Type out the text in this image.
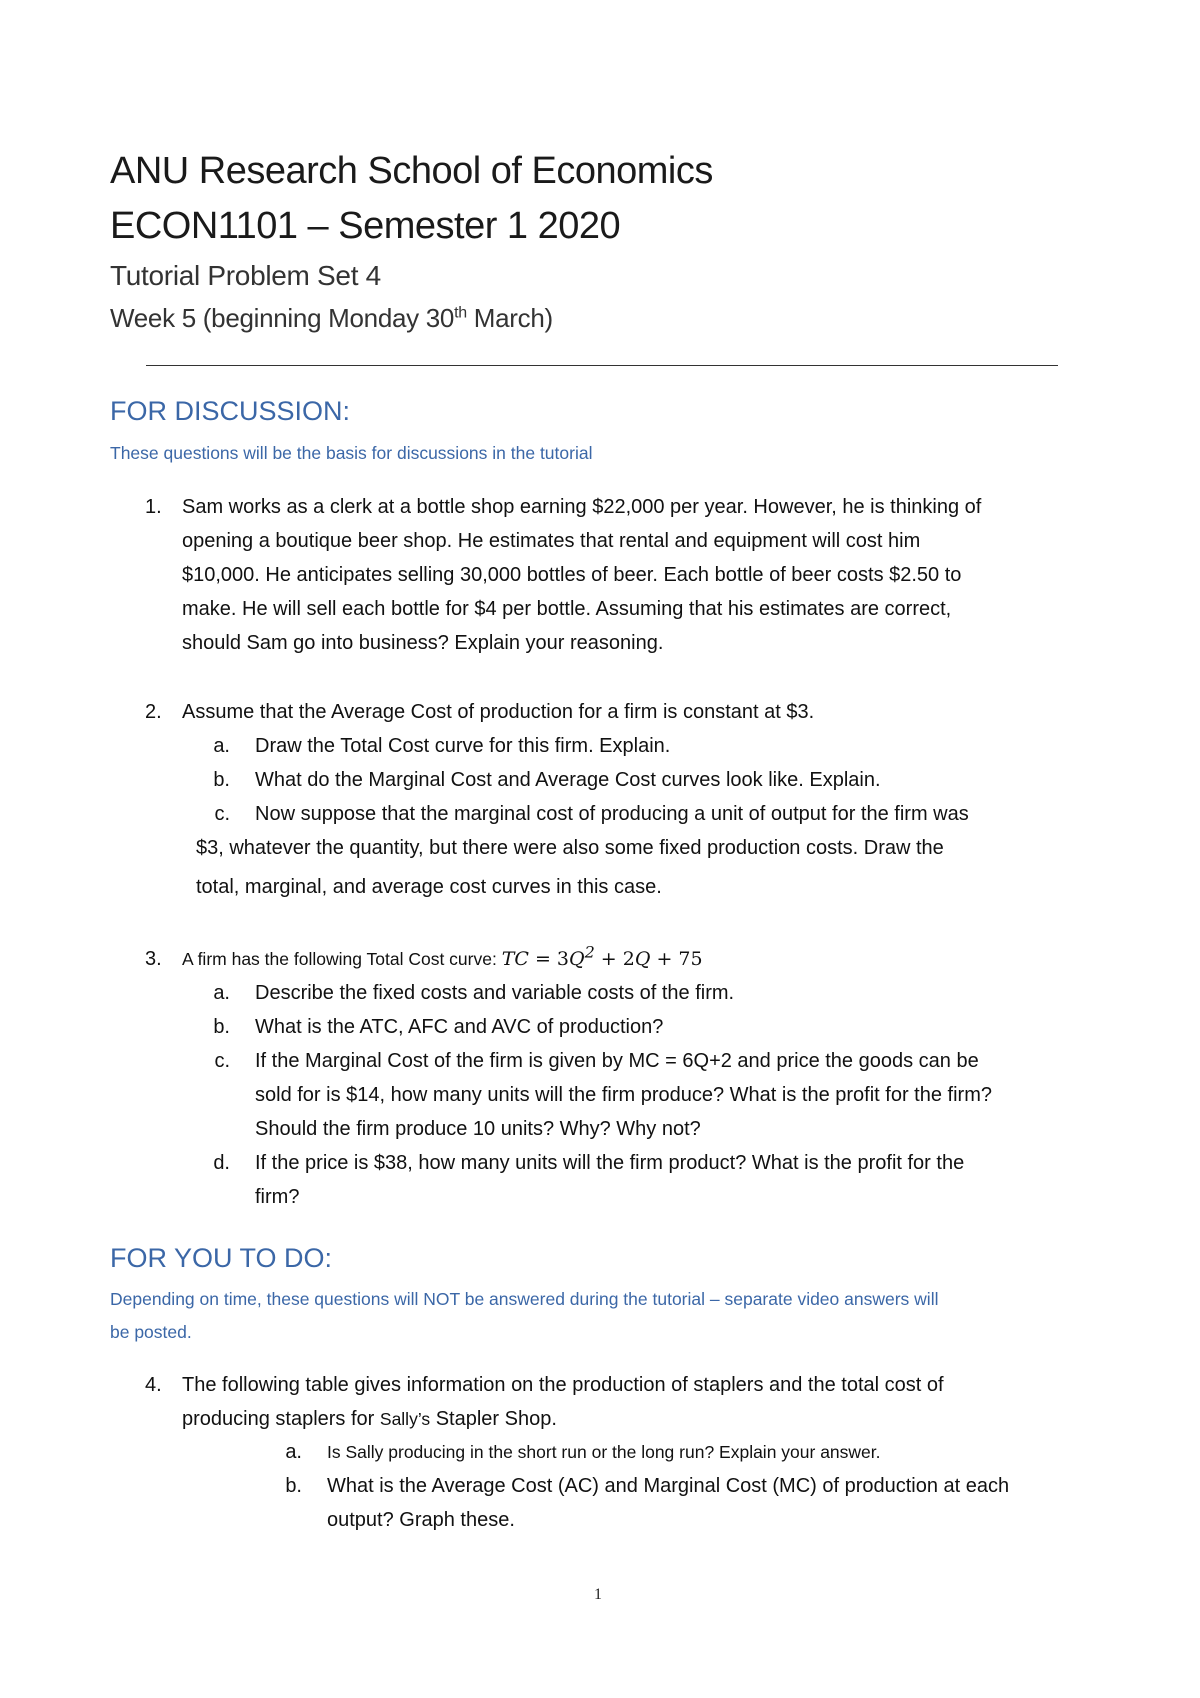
ANU Research School of Economics
ECON1101 – Semester 1 2020
Tutorial Problem Set 4
Week 5 (beginning Monday 30th March)
FOR DISCUSSION:
These questions will be the basis for discussions in the tutorial
1.	Sam works as a clerk at a bottle shop earning $22,000 per year. However, he is thinking of
opening a boutique beer shop. He estimates that rental and equipment will cost him
$10,000. He anticipates selling 30,000 bottles of beer. Each bottle of beer costs $2.50 to
make. He will sell each bottle for $4 per bottle. Assuming that his estimates are correct,
should Sam go into business? Explain your reasoning.
2.	Assume that the Average Cost of production for a firm is constant at $3.
a. Draw the Total Cost curve for this firm. Explain.
b. What do the Marginal Cost and Average Cost curves look like. Explain.
c. Now suppose that the marginal cost of producing a unit of output for the firm was
$3, whatever the quantity, but there were also some fixed production costs. Draw the
total, marginal, and average cost curves in this case.
3.	A firm has the following Total Cost curve: TC = $3Q^2 + 2Q + 75$
a. Describe the fixed costs and variable costs of the firm.
b. What is the ATC, AFC and AVC of production?
c. If the Marginal Cost of the firm is given by MC = 6Q+2 and price the goods can be
sold for is $14, how many units will the firm produce? What is the profit for the firm?
Should the firm produce 10 units? Why? Why not?
d. If the price is $38, how many units will the firm product? What is the profit for the
firm?
FOR YOU TO DO:
Depending on time, these questions will NOT be answered during the tutorial – separate video answers will
be posted.
4.	The following table gives information on the production of staplers and the total cost of
producing staplers for Sally’s Stapler Shop.
a. Is Sally producing in the short run or the long run? Explain your answer.
b. What is the Average Cost (AC) and Marginal Cost (MC) of production at each
output? Graph these.
1
